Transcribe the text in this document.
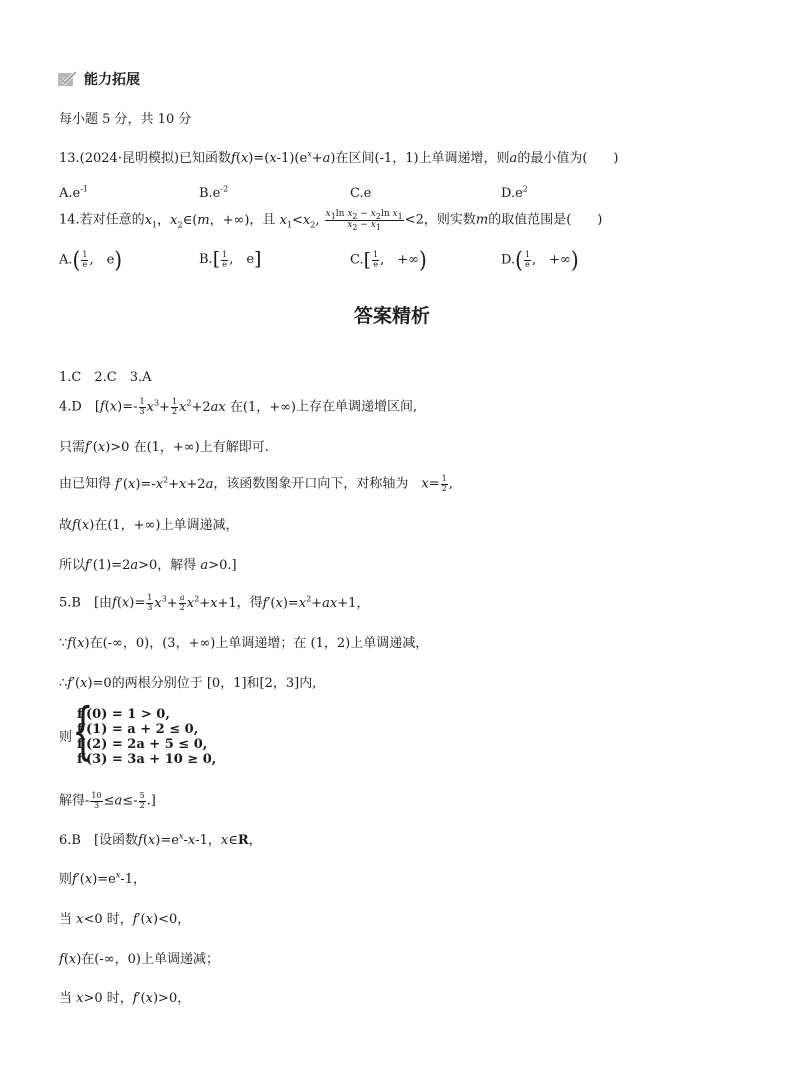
能力拓展
每小题 5 分，共 10 分
13.(2024·昆明模拟)已知函数$f(x)=(x-1)(e^x+a)$在区间(-1，1)上单调递增，则a的最小值为(　　)
$A.e^{-1}$	$B.e^{-2}$	C.e	$D.e^2$
14.若对任意的$x_1$，$x_2\in(m$，+∞)，且 $x_1<x_2$, $\frac{x_1\ln x_2 - x_2\ln x_1}{x_2 - x_1} <2$，则实数m的取值范围是(　　)
$A.( \frac{1}{e}$ ,　e)	$B.[ \frac{1}{e}$ ,　e]	$C.[ \frac{1}{e}$ ,　+∞)	$D.( \frac{1}{e}$ ,　+∞)
答案精析
1.C　2.C　3.A
4.D　[$f(x)=- \frac{1}{3} x^3+ \frac{1}{2} x^2+2ax$ 在(1，+∞)上存在单调递增区间,
只需f′(x)>0 在(1，+∞)上有解即可.
由已知得 $f'(x)=-x^2+x+2a$，该函数图象开口向下，对称轴为　 $x= \frac{1}{2}$ ,
故f(x)在(1，+∞)上单调递减，
所以f′(1)=2a>0，解得 a>0.]
5.B　[由$f(x)= \frac{1}{3} x^3+ \frac{a}{2} x^2+x+1$，得$f'(x)=x^2+ax+1$，
∵f(x)在(-∞，0)，(3，+∞)上单调递增；在 (1，2)上单调递减，
∴f′(x)=0的两根分别位于 [0，1]和[2，3]内,
则 {
f′(0) = 1 > 0,
f′(1) = a + 2 ≤ 0,
f′(2) = 2a + 5 ≤ 0,
f′(3) = 3a + 10 ≥ 0,
解得- $\frac{10}{3} \le a\le- \frac{5}{2}$ .]
6.B　[设函数$f(x)=e^x-x-1$，x∈R，
则$f'(x)=e^x-1$，
当 x<0 时，f′(x)<0，
f(x)在(-∞，0)上单调递减；
当 x>0 时，f′(x)>0，
